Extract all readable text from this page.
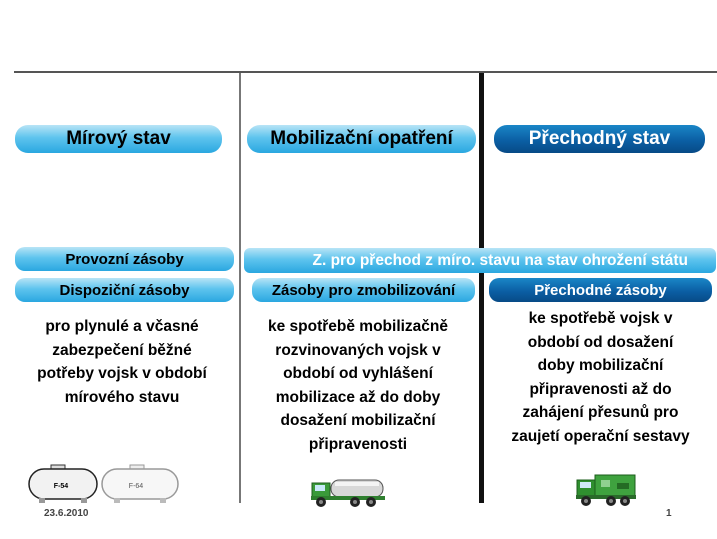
Mírový stav	Mobilizační opatření	Přechodný stav
Provozní zásoby	Z. pro přechod z míro. stavu na stav ohrožení státu
Dispoziční zásoby	Zásoby pro zmobilizování	Přechodné zásoby
pro plynulé a včasné
zabezpečení běžné
potřeby vojsk v období
mírového stavu
ke spotřebě mobilizačně
rozvinovaných vojsk v
období od vyhlášení
mobilizace až do doby
dosažení mobilizační
připravenosti
ke spotřebě vojsk v
období od dosažení
doby mobilizační
připravenosti až do
zahájení přesunů pro
zaujetí operační sestavy
F-54	F-64
23.6.2010	1
